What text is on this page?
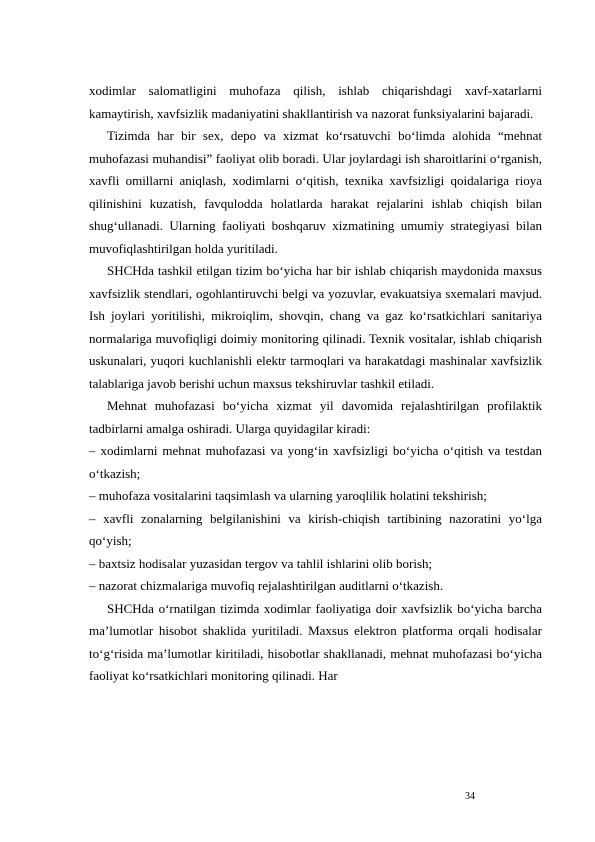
xodimlar salomatligini muhofaza qilish, ishlab chiqarishdagi xavf-xatarlarni kamaytirish, xavfsizlik madaniyatini shakllantirish va nazorat funksiyalarini bajaradi.

Tizimda har bir sex, depo va xizmat ko‘rsatuvchi bo‘limda alohida “mehnat muhofazasi muhandisi” faoliyat olib boradi. Ular joylardagi ish sharoitlarini o‘rganish, xavfli omillarni aniqlash, xodimlarni o‘qitish, texnika xavfsizligi qoidalariga rioya qilinishini kuzatish, favqulodda holatlarda harakat rejalarini ishlab chiqish bilan shug‘ullanadi. Ularning faoliyati boshqaruv xizmatining umumiy strategiyasi bilan muvofiqlashtirilgan holda yuritiladi.

SHCHda tashkil etilgan tizim bo‘yicha har bir ishlab chiqarish maydonida maxsus xavfsizlik stendlari, ogohlantiruvchi belgi va yozuvlar, evakuatsiya sxemalari mavjud. Ish joylari yoritilishi, mikroiqlim, shovqin, chang va gaz ko‘rsatkichlari sanitariya normalariga muvofiqligi doimiy monitoring qilinadi. Texnik vositalar, ishlab chiqarish uskunalari, yuqori kuchlanishli elektr tarmoqlari va harakatdagi mashinalar xavfsizlik talablariga javob berishi uchun maxsus tekshiruvlar tashkil etiladi.

Mehnat muhofazasi bo‘yicha xizmat yil davomida rejalashtirilgan profilaktik tadbirlarni amalga oshiradi. Ularga quyidagilar kiradi:

– xodimlarni mehnat muhofazasi va yong‘in xavfsizligi bo‘yicha o‘qitish va testdan o‘tkazish;

– muhofaza vositalarini taqsimlash va ularning yaroqlilik holatini tekshirish;

– xavfli zonalarning belgilanishini va kirish-chiqish tartibining nazoratini yo‘lga qo‘yish;

– baxtsiz hodisalar yuzasidan tergov va tahlil ishlarini olib borish;

– nazorat chizmalariga muvofiq rejalashtirilgan auditlarni o‘tkazish.

SHCHda o‘rnatilgan tizimda xodimlar faoliyatiga doir xavfsizlik bo‘yicha barcha ma’lumotlar hisobot shaklida yuritiladi. Maxsus elektron platforma orqali hodisalar to‘g‘risida ma’lumotlar kiritiladi, hisobotlar shakllanadi, mehnat muhofazasi bo‘yicha faoliyat ko‘rsatkichlari monitoring qilinadi. Har

34
